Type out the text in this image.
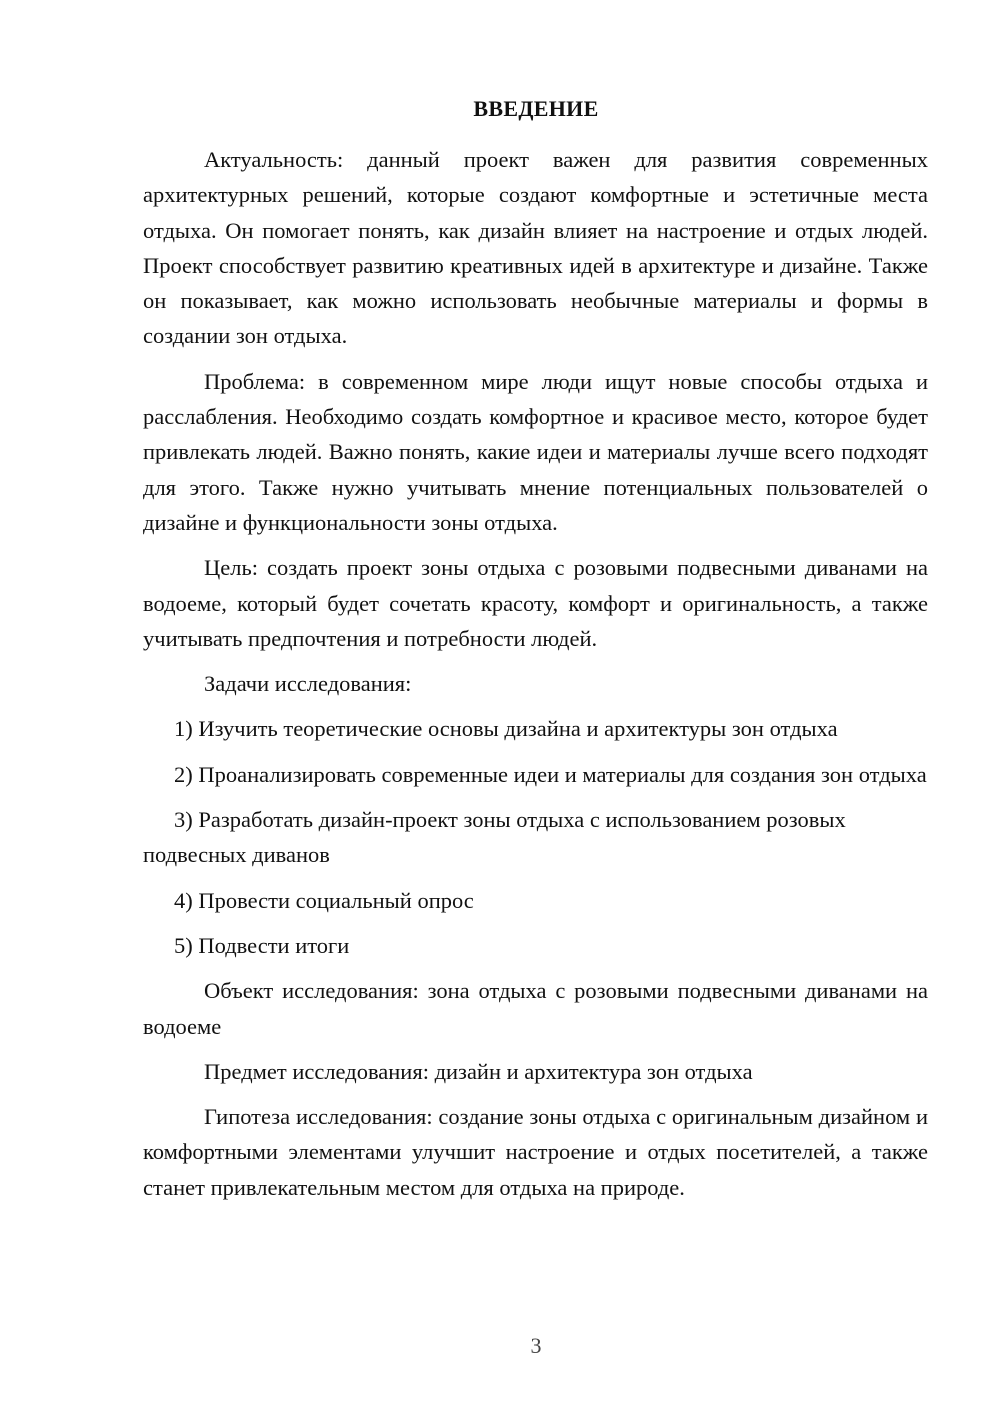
ВВЕДЕНИЕ

Актуальность: данный проект важен для развития современных архитектурных решений, которые создают комфортные и эстетичные места отдыха. Он помогает понять, как дизайн влияет на настроение и отдых людей. Проект способствует развитию креативных идей в архитектуре и дизайне. Также он показывает, как можно использовать необычные материалы и формы в создании зон отдыха.

Проблема: в современном мире люди ищут новые способы отдыха и расслабления. Необходимо создать комфортное и красивое место, которое будет привлекать людей. Важно понять, какие идеи и материалы лучше всего подходят для этого. Также нужно учитывать мнение потенциальных пользователей о дизайне и функциональности зоны отдыха.

Цель: создать проект зоны отдыха с розовыми подвесными диванами на водоеме, который будет сочетать красоту, комфорт и оригинальность, а также учитывать предпочтения и потребности людей.

Задачи исследования:

1) Изучить теоретические основы дизайна и архитектуры зон отдыха

2) Проанализировать современные идеи и материалы для создания зон отдыха

3) Разработать дизайн-проект зоны отдыха с использованием розовых подвесных диванов

4) Провести социальный опрос

5) Подвести итоги

Объект исследования: зона отдыха с розовыми подвесными диванами на водоеме

Предмет исследования: дизайн и архитектура зон отдыха

Гипотеза исследования: создание зоны отдыха с оригинальным дизайном и комфортными элементами улучшит настроение и отдых посетителей, а также станет привлекательным местом для отдыха на природе.

3
